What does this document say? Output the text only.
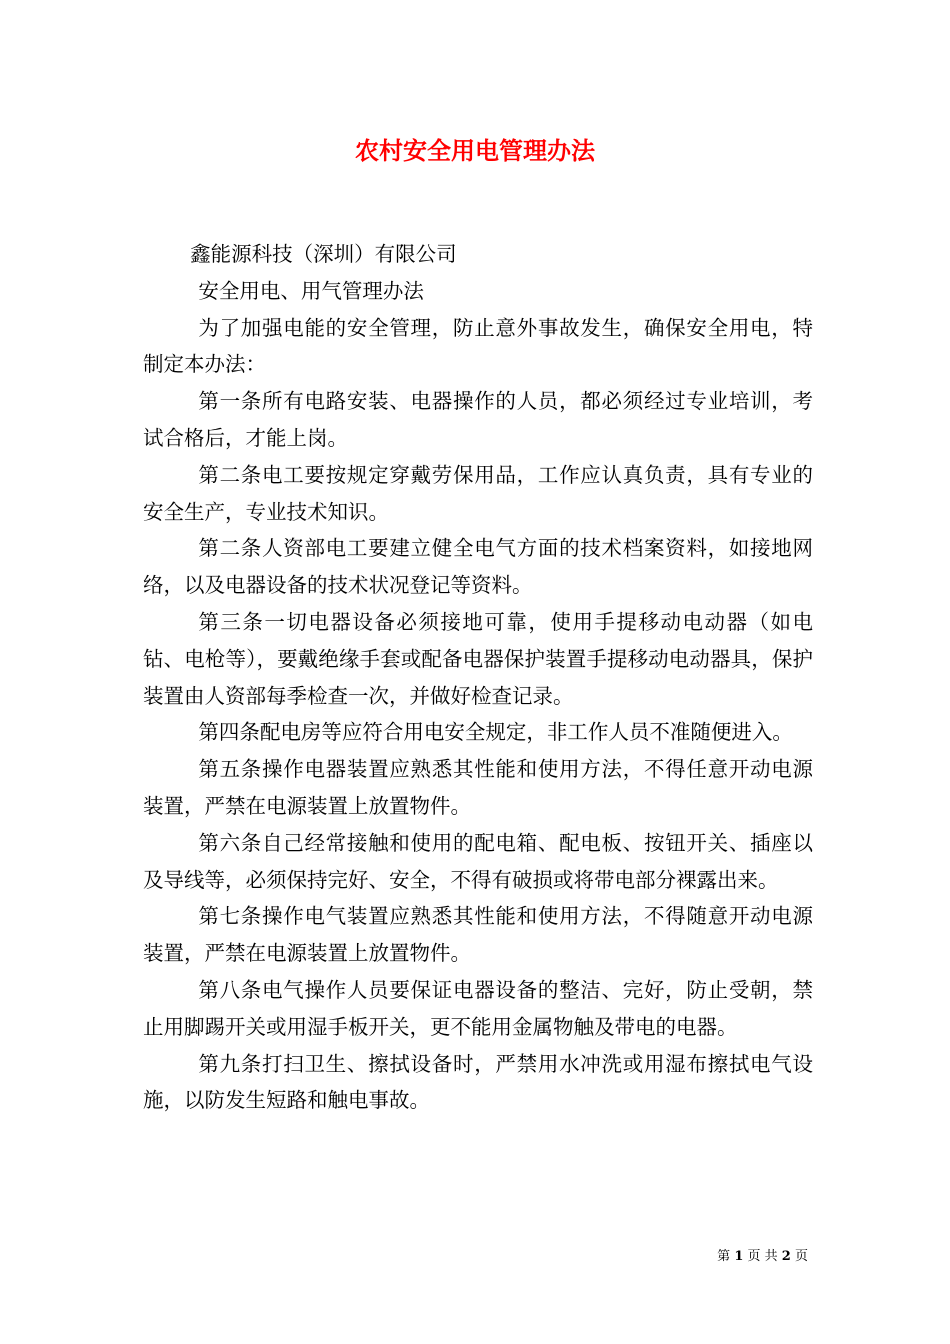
农村安全用电管理办法

鑫能源科技（深圳）有限公司

安全用电、用气管理办法

为了加强电能的安全管理，防止意外事故发生，确保安全用电，特制定本办法：

第一条所有电路安装、电器操作的人员，都必须经过专业培训，考试合格后，才能上岗。

第二条电工要按规定穿戴劳保用品，工作应认真负责，具有专业的安全生产，专业技术知识。

第二条人资部电工要建立健全电气方面的技术档案资料，如接地网络，以及电器设备的技术状况登记等资料。

第三条一切电器设备必须接地可靠，使用手提移动电动器（如电钻、电枪等），要戴绝缘手套或配备电器保护装置手提移动电动器具，保护装置由人资部每季检查一次，并做好检查记录。

第四条配电房等应符合用电安全规定，非工作人员不准随便进入。

第五条操作电器装置应熟悉其性能和使用方法，不得任意开动电源装置，严禁在电源装置上放置物件。

第六条自己经常接触和使用的配电箱、配电板、按钮开关、插座以及导线等，必须保持完好、安全，不得有破损或将带电部分裸露出来。

第七条操作电气装置应熟悉其性能和使用方法，不得随意开动电源装置，严禁在电源装置上放置物件。

第八条电气操作人员要保证电器设备的整洁、完好，防止受朝，禁止用脚踢开关或用湿手板开关，更不能用金属物触及带电的电器。

第九条打扫卫生、擦拭设备时，严禁用水冲洗或用湿布擦拭电气设施，以防发生短路和触电事故。

第 1 页 共 2 页
